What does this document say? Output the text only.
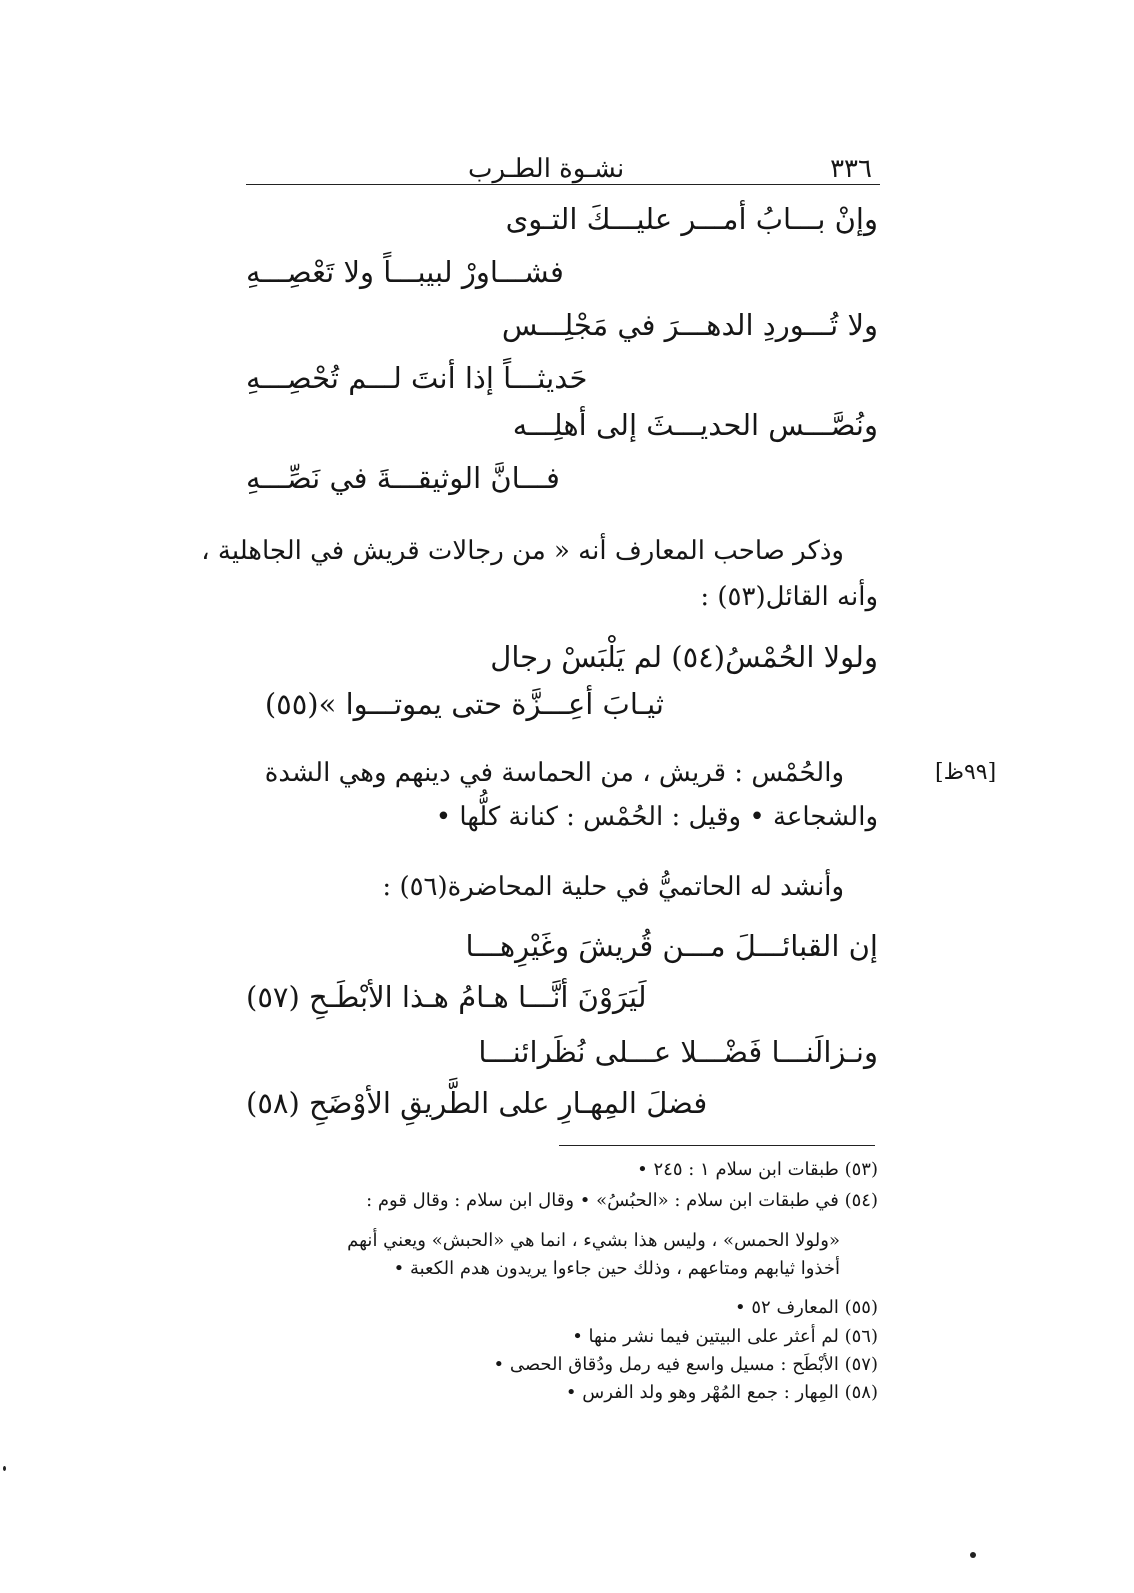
٣٣٦
نشـوة الطـرب
وإنْ بـــابُ أمـــر عليـــكَ التـوى
فشـــاورْ لبيبـــاً ولا تَعْصِـــهِ
ولا تُـــوردِ الدهـــرَ في مَجْلِـــس
حَديثـــاً إذا أنتَ لـــم تُحْصِـــهِ
ونُصَّـــس الحديـــثَ إلى أهلِـــه
فـــانَّ الوثيقـــةَ في نَصِّـــهِ
وذكر صاحب المعارف أنه « من رجالات قريش في الجاهلية ،
وأنه القائل(٥٣) :
ولولا الحُمْسُ(٥٤) لم يَلْبَسْ رجال
ثيـابَ أعِـــزَّة حتى يموتـــوا »(٥٥)
[٩٩ظ]
والحُمْس : قريش ، من الحماسة في دينهم وهي الشدة
والشجاعة • وقيل : الحُمْس : كنانة كلُّها •
وأنشد له الحاتميُّ في حلية المحاضرة(٥٦) :
إن القبائـــلَ مـــن قُريشَ وغَيْرِهـــا
لَيَرَوْنَ أنَّـــا هـامُ هـذا الأبْطَـحِ (٥٧)
ونـزالَنـــا فَضْـــلا عـــلى نُظَرائنـــا
فضلَ المِهـارِ على الطَّريقِ الأوْضَحِ (٥٨)
(٥٣) طبقات ابن سلام ١ : ٢٤٥ •
(٥٤) في طبقات ابن سلام : «الحبُسُ» • وقال ابن سلام : وقال قوم :
«ولولا الحمس» ، وليس هذا بشيء ، انما هي «الحبش» ويعني أنهم
أخذوا ثيابهم ومتاعهم ، وذلك حين جاءوا يريدون هدم الكعبة •
(٥٥) المعارف ٥٢ •
(٥٦) لم أعثر على البيتين فيما نشر منها •
(٥٧) الأبْطَح : مسيل واسع فيه رمل ودُقاق الحصى •
(٥٨) المِهار : جمع المُهْر وهو ولد الفرس •
